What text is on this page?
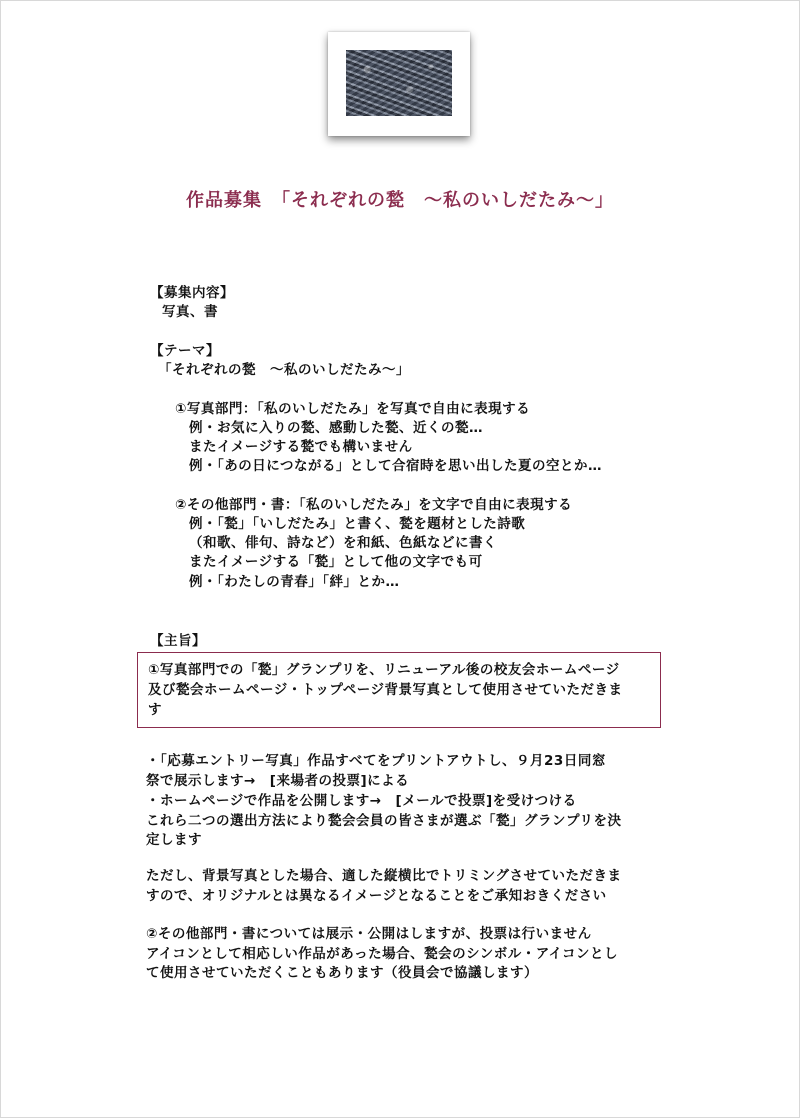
作品募集　「それぞれの甃　〜私のいしだたみ〜」
【募集内容】
写真、書
【テーマ】
「それぞれの甃　〜私のいしだたみ〜」
①写真部門：「私のいしだたみ」を写真で自由に表現する
例・お気に入りの甃、感動した甃、近くの甃…
またイメージする甃でも構いません
例・「あの日につながる」として合宿時を思い出した夏の空とか…
②その他部門・書：「私のいしだたみ」を文字で自由に表現する
例・「甃」「いしだたみ」と書く、甃を題材とした詩歌
（和歌、俳句、詩など）を和紙、色紙などに書く
またイメージする「甃」として他の文字でも可
例・「わたしの青春」「絆」とか…
【主旨】
①写真部門での「甃」グランプリを、リニューアル後の校友会ホームページ
及び甃会ホームページ・トップページ背景写真として使用させていただきま
す
・「応募エントリー写真」作品すべてをプリントアウトし、９月23日同窓
祭で展示します→　[来場者の投票]による
・ホームページで作品を公開します→　[メールで投票]を受けつける
これら二つの選出方法により甃会会員の皆さまが選ぶ「甃」グランプリを決
定します
ただし、背景写真とした場合、適した縦横比でトリミングさせていただきま
すので、オリジナルとは異なるイメージとなることをご承知おきください
②その他部門・書については展示・公開はしますが、投票は行いません
アイコンとして相応しい作品があった場合、甃会のシンボル・アイコンとし
て使用させていただくこともあります（役員会で協議します）
